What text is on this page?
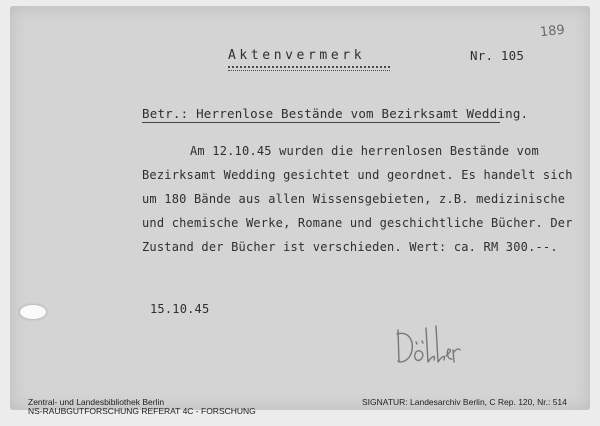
189
Aktenvermerk	Nr. 105
Betr.: Herrenlose Bestände vom Bezirksamt Wedding.
Am 12.10.45 wurden die herrenlosen Bestände vom
Bezirksamt Wedding gesichtet und geordnet. Es handelt sich
um 180 Bände aus allen Wissensgebieten, z.B. medizinische
und chemische Werke, Romane und geschichtliche Bücher. Der
Zustand der Bücher ist verschieden. Wert: ca. RM 300.--.
15.10.45
Zentral- und Landesbibliothek Berlin
NS-RAUBGUTFORSCHUNG REFERAT 4C - FORSCHUNG
SIGNATUR: Landesarchiv Berlin, C Rep. 120, Nr.: 514
